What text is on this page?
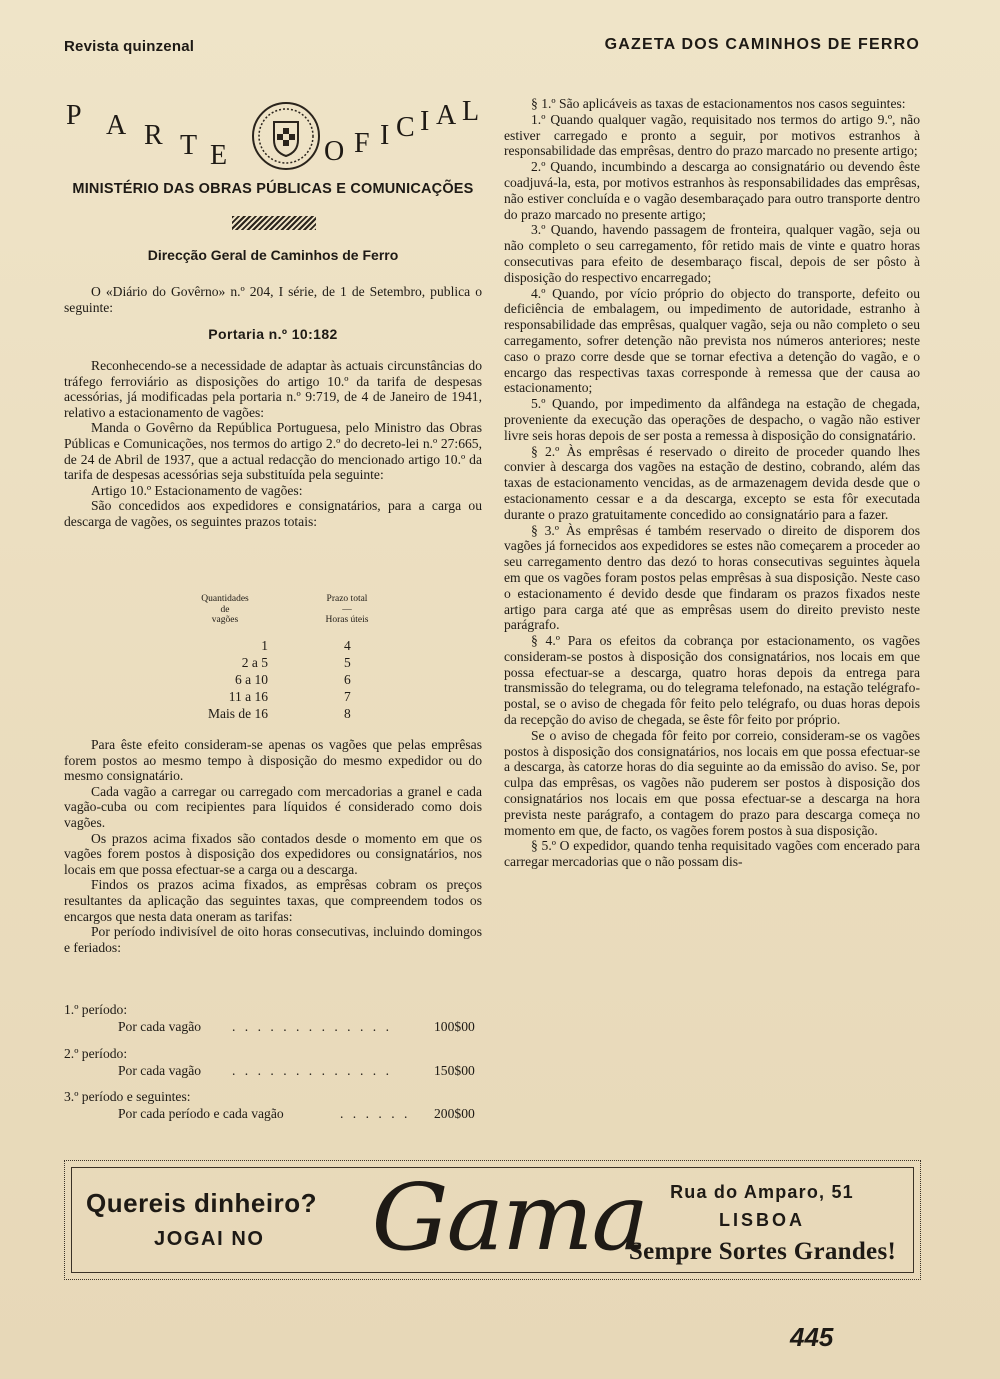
Revista quinzenal	GAZETA DOS CAMINHOS DE FERRO
P A R T E	O F I C I A L
MINISTÉRIO DAS OBRAS PÚBLICAS E COMUNICAÇÕES
Direcção Geral de Caminhos de Ferro

O «Diário do Govêrno» n.º 204, I série, de 1 de Setembro, publica o seguinte:

Portaria n.º 10:182

Reconhecendo-se a necessidade de adaptar às actuais circunstâncias do tráfego ferroviário as disposições do artigo 10.º da tarifa de despesas acessórias, já modificadas pela portaria n.º 9:719, de 4 de Janeiro de 1941, relativo a estacionamento de vagões:

Manda o Govêrno da República Portuguesa, pelo Ministro das Obras Públicas e Comunicações, nos termos do artigo 2.º do decreto-lei n.º 27:665, de 24 de Abril de 1937, que a actual redacção do mencionado artigo 10.º da tarifa de despesas acessórias seja substituída pela seguinte:

Artigo 10.º Estacionamento de vagões:

São concedidos aos expedidores e consignatários, para a carga ou descarga de vagões, os seguintes prazos totais:

Quantidades
de
vagões
Prazo total
—
Horas úteis
1	4
2 a 5	5
6 a 10	6
11 a 16	7
Mais de 16	8

Para êste efeito consideram-se apenas os vagões que pelas emprêsas forem postos ao mesmo tempo à disposição do mesmo expedidor ou do mesmo consignatário.

Cada vagão a carregar ou carregado com mercadorias a granel e cada vagão-cuba ou com recipientes para líquidos é considerado como dois vagões.

Os prazos acima fixados são contados desde o momento em que os vagões forem postos à disposição dos expedidores ou consignatários, nos locais em que possa efectuar-se a carga ou a descarga.

Findos os prazos acima fixados, as emprêsas cobram os preços resultantes da aplicação das seguintes taxas, que compreendem todos os encargos que nesta data oneram as tarifas:

Por período indivisível de oito horas consecutivas, incluindo domingos e feriados:

1.º período:
Por cada vagão . . . . . . . . . . . . .	100$00
2.º período:
Por cada vagão . . . . . . . . . . . . .	150$00
3.º período e seguintes:
Por cada período e cada vagão	. . . . . . 200$00

§ 1.º São aplicáveis as taxas de estacionamentos nos casos seguintes:

1.º Quando qualquer vagão, requisitado nos termos do artigo 9.º, não estiver carregado e pronto a seguir, por motivos estranhos à responsabilidade das emprêsas, dentro do prazo marcado no presente artigo;

2.º Quando, incumbindo a descarga ao consignatário ou devendo êste coadjuvá-la, esta, por motivos estranhos às responsabilidades das emprêsas, não estiver concluída e o vagão desembaraçado para outro transporte dentro do prazo marcado no presente artigo;

3.º Quando, havendo passagem de fronteira, qualquer vagão, seja ou não completo o seu carregamento, fôr retido mais de vinte e quatro horas consecutivas para efeito de desembaraço fiscal, depois de ser pôsto à disposição do respectivo encarregado;

4.º Quando, por vício próprio do objecto do transporte, defeito ou deficiência de embalagem, ou impedimento de autoridade, estranho à responsabilidade das emprêsas, qualquer vagão, seja ou não completo o seu carregamento, sofrer detenção não prevista nos números anteriores; neste caso o prazo corre desde que se tornar efectiva a detenção do vagão, e o encargo das respectivas taxas corresponde à remessa que der causa ao estacionamento;

5.º Quando, por impedimento da alfândega na estação de chegada, proveniente da execução das operações de despacho, o vagão não estiver livre seis horas depois de ser posta a remessa à disposição do consignatário.

§ 2.º Às emprêsas é reservado o direito de proceder quando lhes convier à descarga dos vagões na estação de destino, cobrando, além das taxas de estacionamento vencidas, as de armazenagem devida desde que o estacionamento cessar e a da descarga, excepto se esta fôr executada durante o prazo gratuitamente concedido ao consignatário para a fazer.

§ 3.º Às emprêsas é também reservado o direito de disporem dos vagões já fornecidos aos expedidores se estes não começarem a proceder ao seu carregamento dentro das dezó to horas consecutivas seguintes àquela em que os vagões foram postos pelas emprêsas à sua disposição. Neste caso o estacionamento é devido desde que findaram os prazos fixados neste artigo para carga até que as emprêsas usem do direito previsto neste parágrafo.

§ 4.º Para os efeitos da cobrança por estacionamento, os vagões consideram-se postos à disposição dos consignatários, nos locais em que possa efectuar-se a descarga, quatro horas depois da entrega para transmissão do telegrama, ou do telegrama telefonado, na estação telégrafo-postal, se o aviso de chegada fôr feito pelo telégrafo, ou duas horas depois da recepção do aviso de chegada, se êste fôr feito por próprio.

Se o aviso de chegada fôr feito por correio, consideram-se os vagões postos à disposição dos consignatários, nos locais em que possa efectuar-se a descarga, às catorze horas do dia seguinte ao da emissão do aviso. Se, por culpa das emprêsas, os vagões não puderem ser postos à disposição dos consignatários nos locais em que possa efectuar-se a descarga na hora prevista neste parágrafo, a contagem do prazo para descarga começa no momento em que, de facto, os vagões forem postos à sua disposição.

§ 5.º O expedidor, quando tenha requisitado vagões com encerado para carregar mercadorias que o não possam dis-

Quereis dinheiro?
JOGAI NO Gama	Rua do Amparo, 51
LISBOA
Sempre Sortes Grandes!
445
